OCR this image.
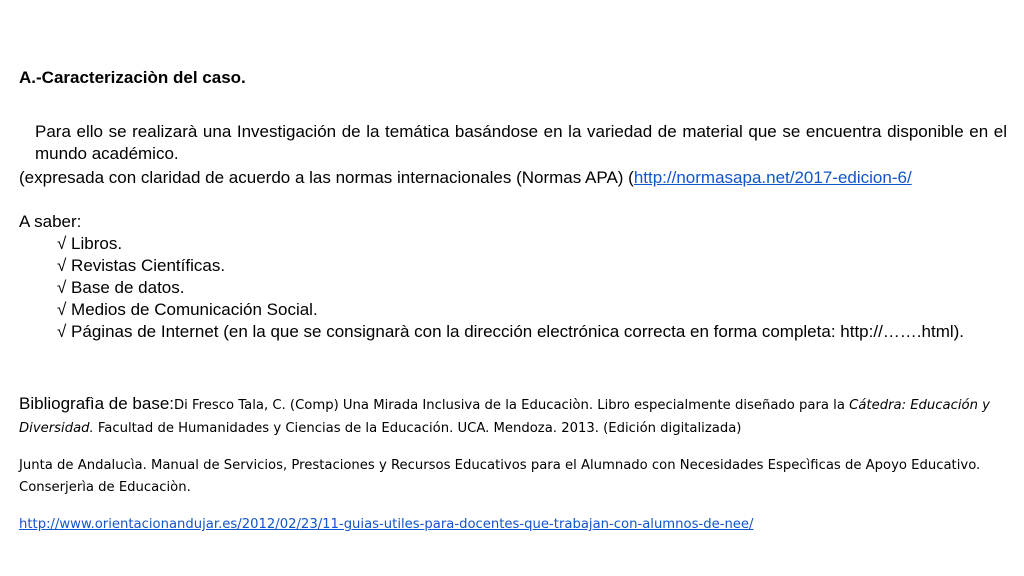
A.-Caracterizaciòn del caso.
Para ello se realizarà una Investigación de la temática basándose en la variedad de material que se encuentra disponible en el mundo académico.
(expresada con claridad de acuerdo a las normas internacionales (Normas APA) (http://normasapa.net/2017-edicion-6/
A saber:
√ Libros.
√ Revistas Científicas.
√ Base de datos.
√ Medios de Comunicación Social.
√ Páginas de Internet (en la que se consignarà con la dirección electrónica correcta en forma completa: http://…….html).
Bibliografìa de base:Di Fresco Tala, C. (Comp) Una Mirada Inclusiva de la Educaciòn. Libro especialmente diseñado para la Cátedra: Educación y Diversidad. Facultad de Humanidades y Ciencias de la Educación. UCA. Mendoza. 2013. (Edición digitalizada)
Junta de Andalucìa. Manual de Servicios, Prestaciones y Recursos Educativos para el Alumnado con Necesidades Especìficas de Apoyo Educativo. Conserjerìa de Educaciòn.
http://www.orientacionandujar.es/2012/02/23/11-guias-utiles-para-docentes-que-trabajan-con-alumnos-de-nee/
